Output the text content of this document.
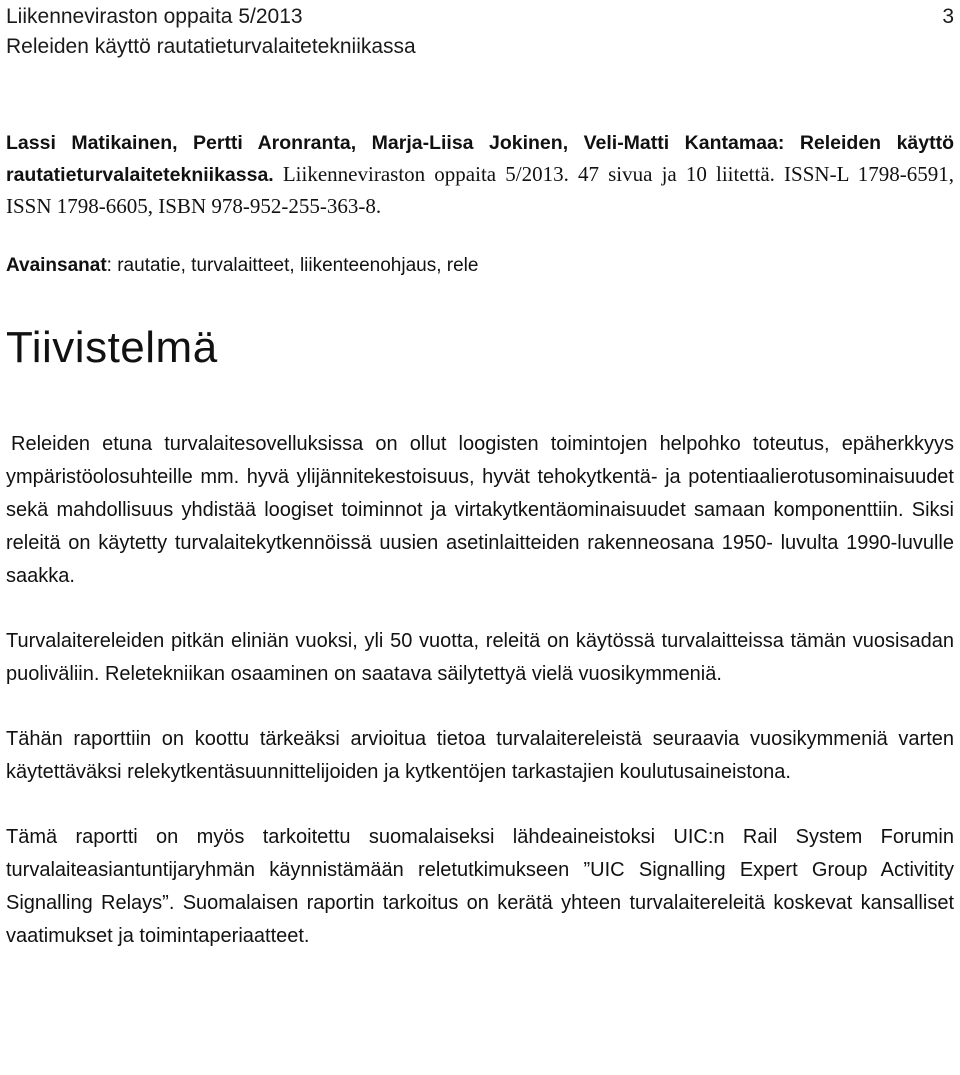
Liikenneviraston oppaita 5/2013
Releiden käyttö rautatieturvalaitetekniikassa
3
Lassi Matikainen, Pertti Aronranta, Marja-Liisa Jokinen, Veli-Matti Kantamaa: Releiden käyttö rautatieturvalaitetekniikassa. Liikenneviraston oppaita 5/2013. 47 sivua ja 10 liitettä. ISSN-L 1798-6591, ISSN 1798-6605, ISBN 978-952-255-363-8.
Avainsanat: rautatie, turvalaitteet, liikenteenohjaus, rele
Tiivistelmä

Releiden etuna turvalaitesovelluksissa on ollut loogisten toimintojen helpohko toteutus, epäherkkyys ympäristöolosuhteille mm. hyvä ylijännitekestoisuus, hyvät tehokytkentä- ja potentiaalierotusominaisuudet sekä mahdollisuus yhdistää loogiset toiminnot ja virtakytkentäominaisuudet samaan komponenttiin. Siksi releitä on käytetty turvalaitekytkennöissä uusien asetinlaitteiden rakenneosana 1950- luvulta 1990-luvulle saakka.

Turvalaitereleiden pitkän eliniän vuoksi, yli 50 vuotta, releitä on käytössä turvalaitteissa tämän vuosisadan puoliväliin. Reletekniikan osaaminen on saatava säilytettyä vielä vuosikymmeniä.

Tähän raporttiin on koottu tärkeäksi arvioitua tietoa turvalaitereleistä seuraavia vuosikymmeniä varten käytettäväksi relekytkentäsuunnittelijoiden ja kytkentöjen tarkastajien koulutusaineistona.

Tämä raportti on myös tarkoitettu suomalaiseksi lähdeaineistoksi UIC:n Rail System Forumin turvalaiteasiantuntijaryhmän käynnistämään reletutkimukseen ”UIC Signalling Expert Group Activitity Signalling Relays”. Suomalaisen raportin tarkoitus on kerätä yhteen turvalaitereleitä koskevat kansalliset vaatimukset ja toimintaperiaatteet.
